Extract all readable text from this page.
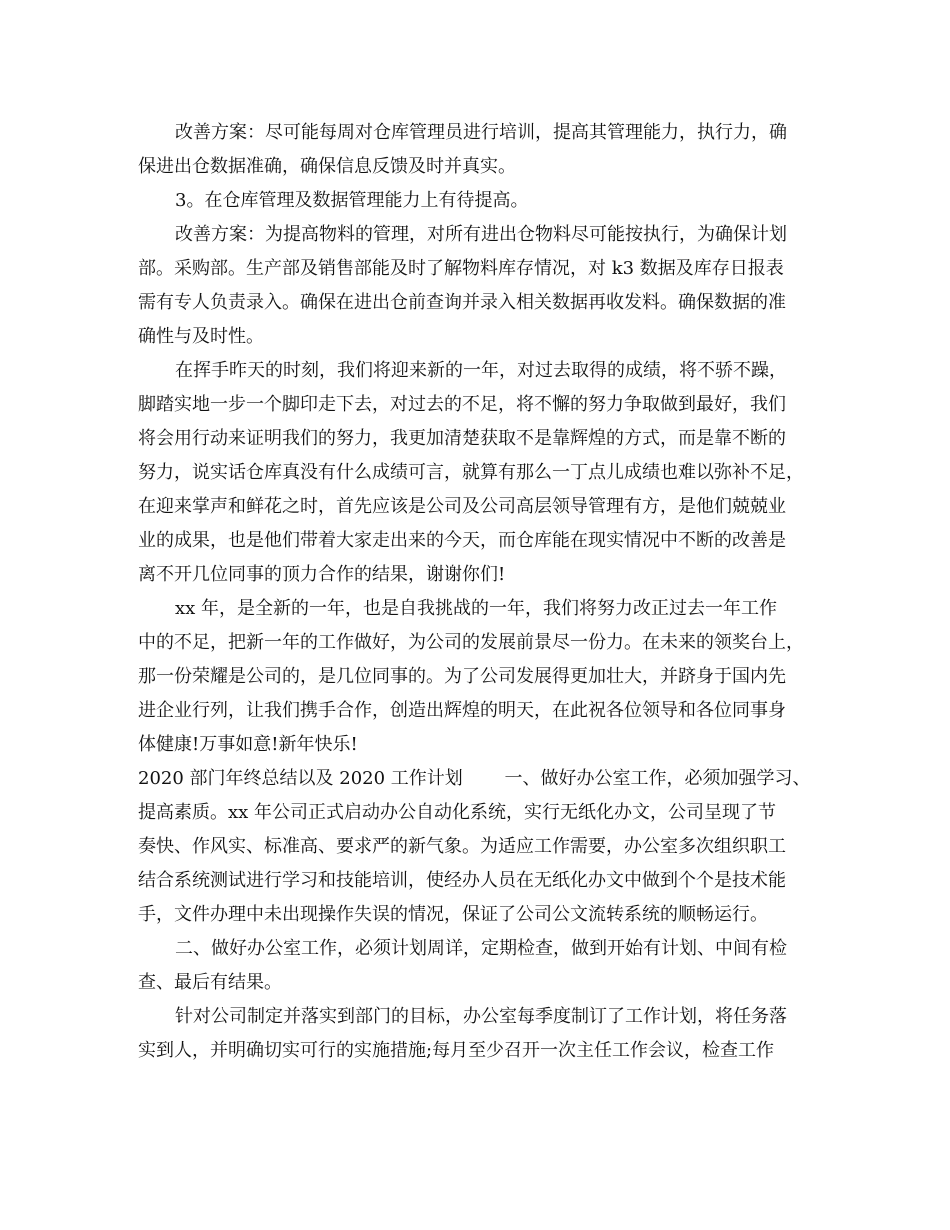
改善方案：尽可能每周对仓库管理员进行培训，提高其管理能力，执行力，确

保进出仓数据准确，确保信息反馈及时并真实。

3。在仓库管理及数据管理能力上有待提高。

改善方案：为提高物料的管理，对所有进出仓物料尽可能按执行，为确保计划

部。采购部。生产部及销售部能及时了解物料库存情况，对 k3 数据及库存日报表

需有专人负责录入。确保在进出仓前查询并录入相关数据再收发料。确保数据的准

确性与及时性。

在挥手昨天的时刻，我们将迎来新的一年，对过去取得的成绩，将不骄不躁，

脚踏实地一步一个脚印走下去，对过去的不足，将不懈的努力争取做到最好，我们

将会用行动来证明我们的努力，我更加清楚获取不是靠辉煌的方式，而是靠不断的

努力，说实话仓库真没有什么成绩可言，就算有那么一丁点儿成绩也难以弥补不足，

在迎来掌声和鲜花之时，首先应该是公司及公司高层领导管理有方，是他们兢兢业

业的成果，也是他们带着大家走出来的今天，而仓库能在现实情况中不断的改善是

离不开几位同事的顶力合作的结果，谢谢你们!

xx 年，是全新的一年，也是自我挑战的一年，我们将努力改正过去一年工作

中的不足，把新一年的工作做好，为公司的发展前景尽一份力。在未来的领奖台上，

那一份荣耀是公司的，是几位同事的。为了公司发展得更加壮大，并跻身于国内先

进企业行列，让我们携手合作，创造出辉煌的明天，在此祝各位领导和各位同事身

体健康!万事如意!新年快乐!

2020 部门年终总结以及 2020 工作计划　　 一、做好办公室工作，必须加强学习、

提高素质。xx 年公司正式启动办公自动化系统，实行无纸化办文，公司呈现了节

奏快、作风实、标准高、要求严的新气象。为适应工作需要，办公室多次组织职工

结合系统测试进行学习和技能培训，使经办人员在无纸化办文中做到个个是技术能

手，文件办理中未出现操作失误的情况，保证了公司公文流转系统的顺畅运行。

二、做好办公室工作，必须计划周详，定期检查，做到开始有计划、中间有检

查、最后有结果。

针对公司制定并落实到部门的目标，办公室每季度制订了工作计划，将任务落

实到人，并明确切实可行的实施措施;每月至少召开一次主任工作会议，检查工作
